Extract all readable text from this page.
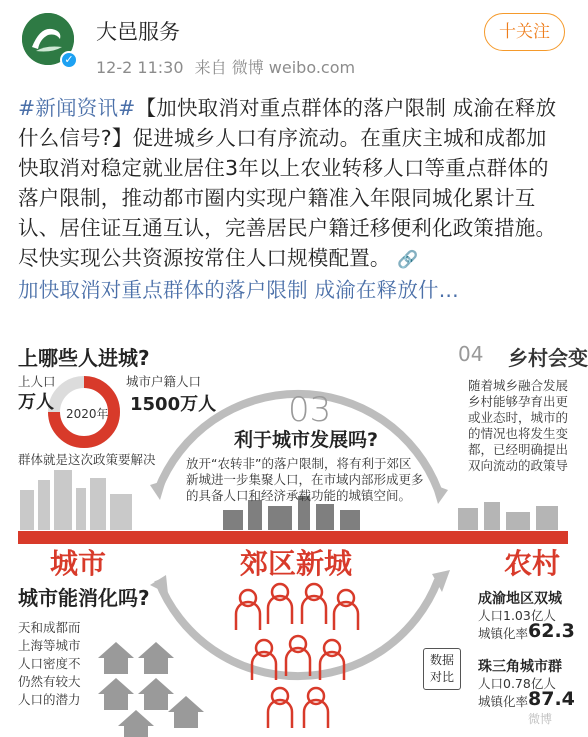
✓
大邑服务
12-2 11:30 来自 微博 weibo.com
十关注
#新闻资讯#【加快取消对重点群体的落户限制 成渝在释放什么信号?】促进城乡人口有序流动。在重庆主城和成都加快取消对稳定就业居住3年以上农业转移人口等重点群体的落户限制，推动都市圈内实现户籍准入年限同城化累计互认、居住证互通互认，完善居民户籍迁移便利化政策措施。尽快实现公共资源按常住人口规模配置。 🔗
加快取消对重点群体的落户限制 成渝在释放什...
上哪些人进城?
上人口
万人
城市户籍人口
1500万人
2020年
群体就是这次政策要解决
03
利于城市发展吗?
放开“农转非”的落户限制，将有利于郊区
新城进一步集聚人口，在市域内部形成更多
的具备人口和经济承载功能的城镇空间。
04 乡村会变
随着城乡融合发展
乡村能够孕育出更
或业态时，城市的
的情况也将发生变
都，已经明确提出
双向流动的政策导
城市	郊区新城	农村
城市能消化吗?
天和成都而
上海等城市
人口密度不
仍然有较大
人口的潜力
成渝地区双城
人口1.03亿人
城镇化率 62.3
珠三角城市群
人口0.78亿人
城镇化率 87.4
数据
对比
微博
